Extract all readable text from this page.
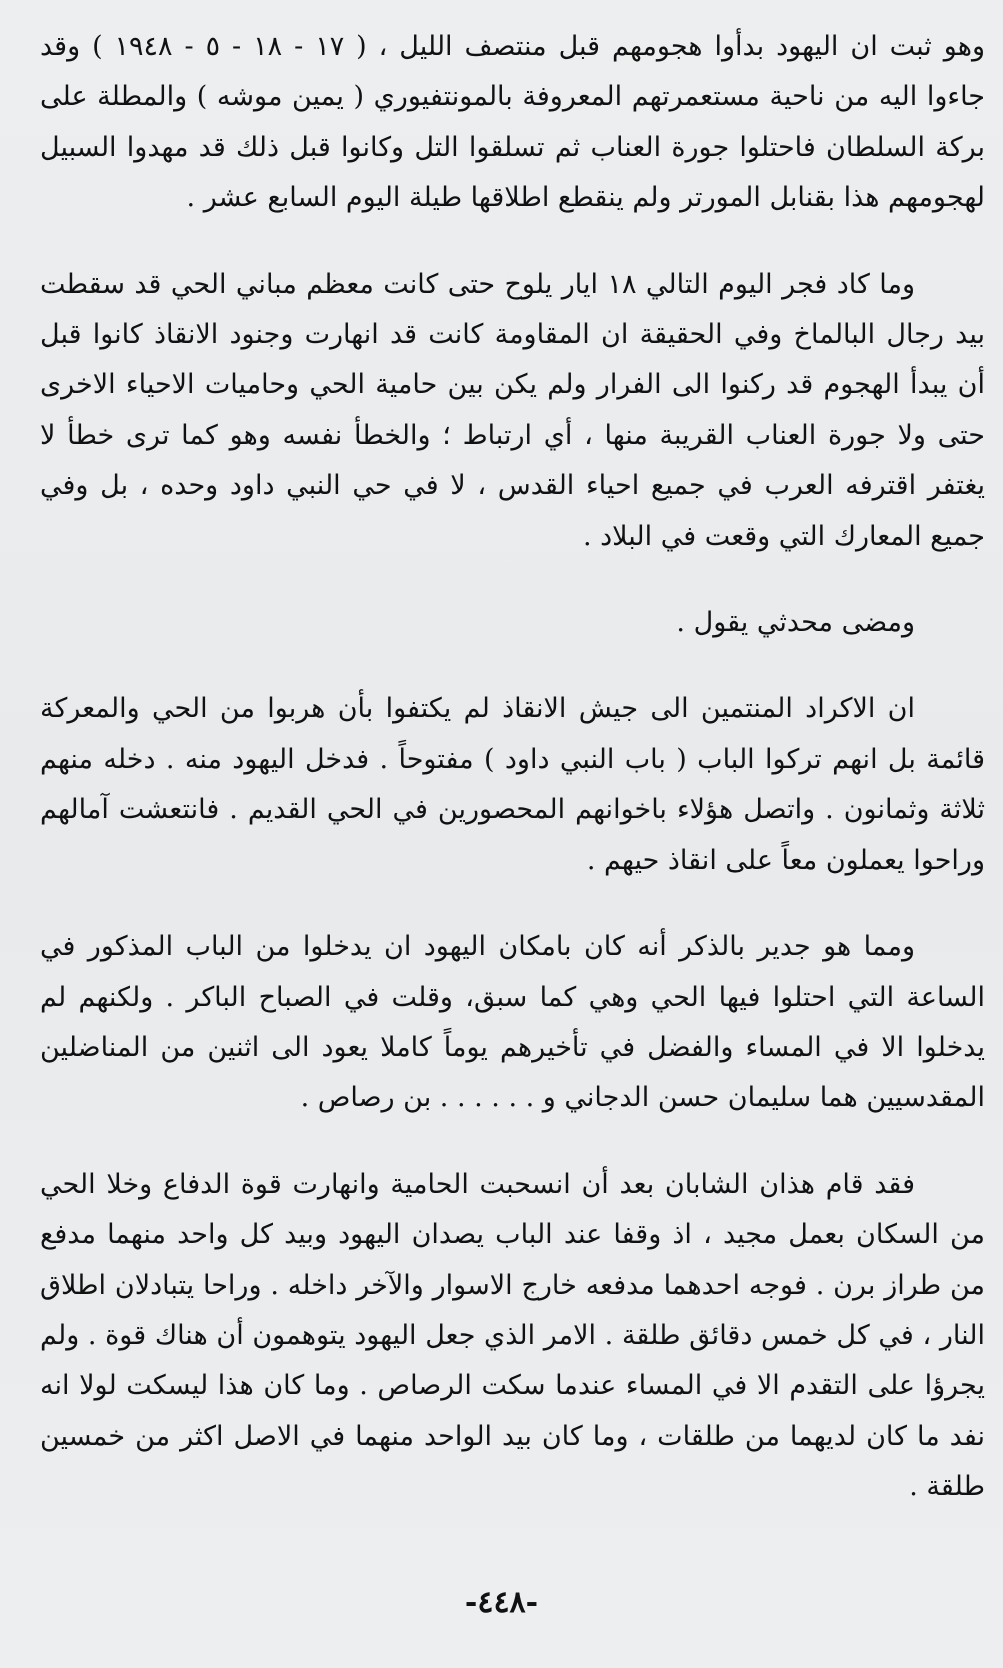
وهو ثبت ان اليهود بدأوا هجومهم قبل منتصف الليل ، ( ١٧ - ١٨ - ٥ - ١٩٤٨ ) وقد جاءوا اليه من ناحية مستعمرتهم المعروفة بالمونتفيوري ( يمين موشه ) والمطلة على بركة السلطان فاحتلوا جورة العناب ثم تسلقوا التل وكانوا قبل ذلك قد مهدوا السبيل لهجومهم هذا بقنابل المورتر ولم ينقطع اطلاقها طيلة اليوم السابع عشر .

وما كاد فجر اليوم التالي ١٨ ايار يلوح حتى كانت معظم مباني الحي قد سقطت بيد رجال البالماخ وفي الحقيقة ان المقاومة كانت قد انهارت وجنود الانقاذ كانوا قبل أن يبدأ الهجوم قد ركنوا الى الفرار ولم يكن بين حامية الحي وحاميات الاحياء الاخرى حتى ولا جورة العناب القريبة منها ، أي ارتباط ؛ والخطأ نفسه وهو كما ترى خطأ لا يغتفر اقترفه العرب في جميع احياء القدس ، لا في حي النبي داود وحده ، بل وفي جميع المعارك التي وقعت في البلاد .

ومضى محدثي يقول .

ان الاكراد المنتمين الى جيش الانقاذ لم يكتفوا بأن هربوا من الحي والمعركة قائمة بل انهم تركوا الباب ( باب النبي داود ) مفتوحاً . فدخل اليهود منه . دخله منهم ثلاثة وثمانون . واتصل هؤلاء باخوانهم المحصورين في الحي القديم . فانتعشت آمالهم وراحوا يعملون معاً على انقاذ حيهم .

ومما هو جدير بالذكر أنه كان بامكان اليهود ان يدخلوا من الباب المذكور في الساعة التي احتلوا فيها الحي وهي كما سبق، وقلت في الصباح الباكر . ولكنهم لم يدخلوا الا في المساء والفضل في تأخيرهم يوماً كاملا يعود الى اثنين من المناضلين المقدسيين هما سليمان حسن الدجاني و . . . . . . بن رصاص .

فقد قام هذان الشابان بعد أن انسحبت الحامية وانهارت قوة الدفاع وخلا الحي من السكان بعمل مجيد ، اذ وقفا عند الباب يصدان اليهود وبيد كل واحد منهما مدفع من طراز برن . فوجه احدهما مدفعه خارج الاسوار والآخر داخله . وراحا يتبادلان اطلاق النار ، في كل خمس دقائق طلقة . الامر الذي جعل اليهود يتوهمون أن هناك قوة . ولم يجرؤا على التقدم الا في المساء عندما سكت الرصاص . وما كان هذا ليسكت لولا انه نفد ما كان لديهما من طلقات ، وما كان بيد الواحد منهما في الاصل اكثر من خمسين طلقة .

-٤٤٨-
